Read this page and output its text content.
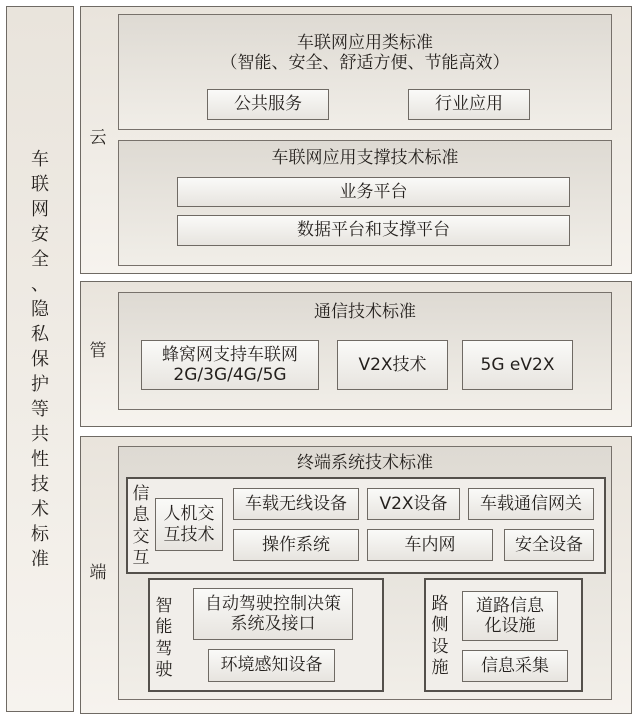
车
联
网
安
全
、
隐
私
保
护
等
共
性
技
术
标
准
云
车联网应用类标准
（智能、安全、舒适方便、节能高效）
公共服务	行业应用
车联网应用支撑技术标准
业务平台
数据平台和支撑平台
管
通信技术标准
蜂窝网支持车联网
2G/3G/4G/5G
V2X技术	5G eV2X
端
终端系统技术标准
信
息
交
互
人机交
互技术
车载无线设备	V2X设备	车载通信网关
操作系统	车内网	安全设备
智
能
驾
驶
自动驾驶控制决策
系统及接口
环境感知设备
路
侧
设
施
道路信息
化设施
信息采集
